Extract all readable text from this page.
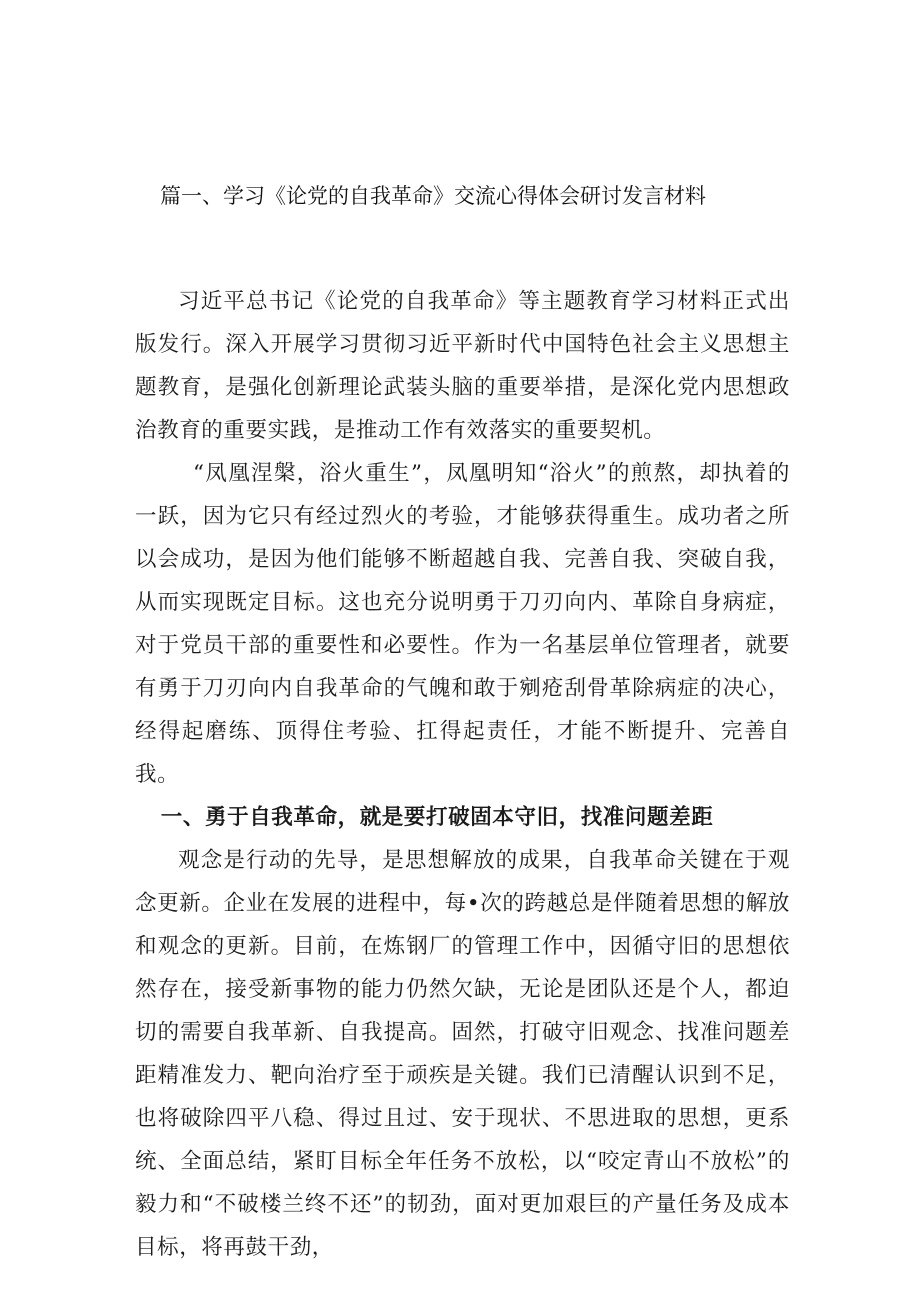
篇一、学习《论党的自我革命》交流心得体会研讨发言材料

习近平总书记《论党的自我革命》等主题教育学习材料正式出版发行。深入开展学习贯彻习近平新时代中国特色社会主义思想主题教育，是强化创新理论武装头脑的重要举措，是深化党内思想政治教育的重要实践，是推动工作有效落实的重要契机。

“凤凰涅槃，浴火重生”，凤凰明知“浴火”的煎熬，却执着的一跃，因为它只有经过烈火的考验，才能够获得重生。成功者之所以会成功，是因为他们能够不断超越自我、完善自我、突破自我，从而实现既定目标。这也充分说明勇于刀刃向内、革除自身病症，对于党员干部的重要性和必要性。作为一名基层单位管理者，就要有勇于刀刃向内自我革命的气魄和敢于剜疮刮骨革除病症的决心，经得起磨练、顶得住考验、扛得起责任，才能不断提升、完善自我。

一、勇于自我革命，就是要打破固本守旧，找准问题差距

观念是行动的先导，是思想解放的成果，自我革命关键在于观念更新。企业在发展的进程中，每•次的跨越总是伴随着思想的解放和观念的更新。目前，在炼钢厂的管理工作中，因循守旧的思想依然存在，接受新事物的能力仍然欠缺，无论是团队还是个人，都迫切的需要自我革新、自我提高。固然，打破守旧观念、找准问题差距精准发力、靶向治疗至于顽疾是关键。我们已清醒认识到不足，也将破除四平八稳、得过且过、安于现状、不思进取的思想，更系统、全面总结，紧盯目标全年任务不放松，以“咬定青山不放松”的毅力和“不破楼兰终不还”的韧劲，面对更加艰巨的产量任务及成本目标，将再鼓干劲，
